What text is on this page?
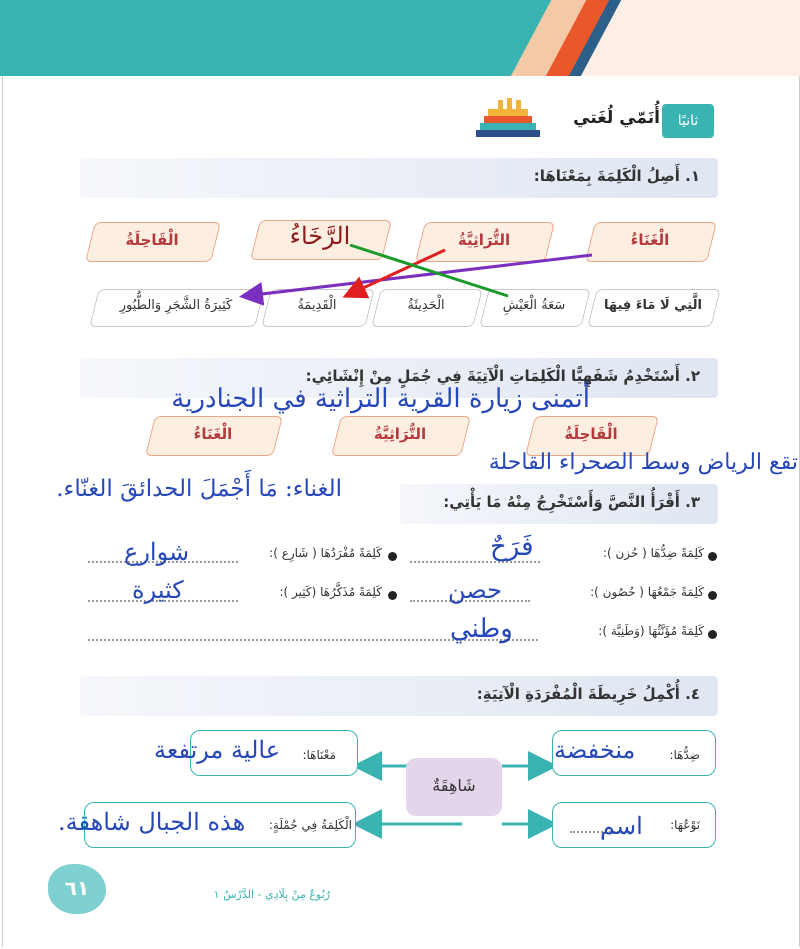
ثانيًا
أُنَمّي لُغَتي
١. أَصِلُ الْكَلِمَةَ بِمَعْنَاهَا:
الْغَنَاءُ
التُّرَاثِيَّةُ
الْقَاحِلَةُ	الرَّخَاءُ
الَّتِي لَا مَاءَ فِيهَا
سَعَةُ الْعَيْشِ
الْحَدِيثَةُ
الْقَدِيمَةُ
كَثِيرَةُ الشَّجَرِ وَالطُّيُورِ
٢. أَسْتَخْدِمُ شَفَهِيًّا الْكَلِمَاتِ الْآتِيَةَ فِي جُمَلٍ مِنْ إِنْشَائِي:
أتمنى زيارة القرية التراثية في الجنادرية
الْقَاحِلَةُ
التُّرَاثِيَّةُ
الْغَنَاءُ
تقع الرياض وسط الصحراء القاحلة
الغناء: مَا أَجْمَلَ الحدائقَ الغنّاء.	٣. أَقْرَأُ النَّصَّ وَأَسْتَخْرِجُ مِنْهُ مَا يَأْتِي:
كَلِمَةً ضِدُّهَا ( حُزن ):
فَرَحٌ
كَلِمَةً مُفْرَدُهَا ( شَارِع ):
شوارع
كَلِمَةً جَمْعُهَا ( حُصُون ):
حصن
كَلِمَةً مُذَكَّرُهَا (كَثِير ):
كثيرة
كَلِمَةً مُؤَنَّثُهَا (وَطَنِيَّة ):
وطني
٤. أُكْمِلُ خَرِيطَةَ الْمُفْرَدَةِ الْآتِيَةِ:
شَاهِقَةٌ
ضِدُّهَا:
منخفضة
مَعْنَاهَا:
عالية مرتفعة
نَوْعُهَا:
اسم
الْكَلِمَةُ فِي جُمْلَةٍ:
هذه الجبال شاهقة.
٦١	رُبُوعُ مِنْ بِلَادِي - الدَّرْسُ ١
